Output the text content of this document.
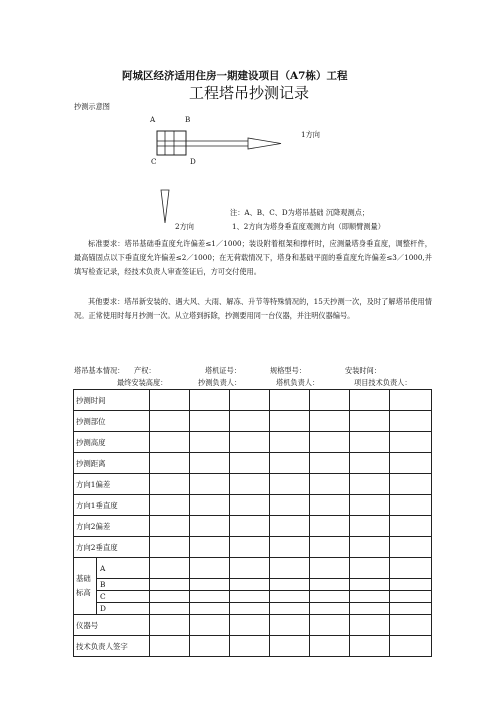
阿城区经济适用住房一期建设项目（A7栋）工程
工程塔吊抄测记录
抄测示意图
A	B
C	D
1方向
2方向
注：A、B、C、D为塔吊基础 沉降观测点；
1、2方向为塔身垂直度观测方向（即顺臂测量）

标准要求：塔吊基础垂直度允许偏差≤1／1000；装设附着框架和撑杆时，应测量塔身垂直度，调整杆件，最高锚固点以下垂直度允许偏差≤2／1000；在无荷载情况下，塔身和基础平面的垂直度允许偏差≤3／1000,并填写检查记录，经技术负责人审查签证后，方可交付使用。

其他要求：塔吊新安装的、遇大风、大雨、解冻、升节等特殊情况的，15天抄测一次，及时了解塔吊使用情况。正常使用时每月抄测一次。从立塔到拆除，抄测要用同一台仪器，并注明仪器编号。

塔吊基本情况： 产权：	塔机证号：	规格型号：	安装时间：
最终安装高度：	抄测负责人：	塔机负责人：	项目技术负责人：
抄测时间								
抄测部位								
抄测高度								
抄测距离								
方向1偏差								
方向1垂直度								
方向2偏差								
方向2垂直度								
基础标高	A							
	B							
	C							
	D							
仪器号								
技术负责人签字								
